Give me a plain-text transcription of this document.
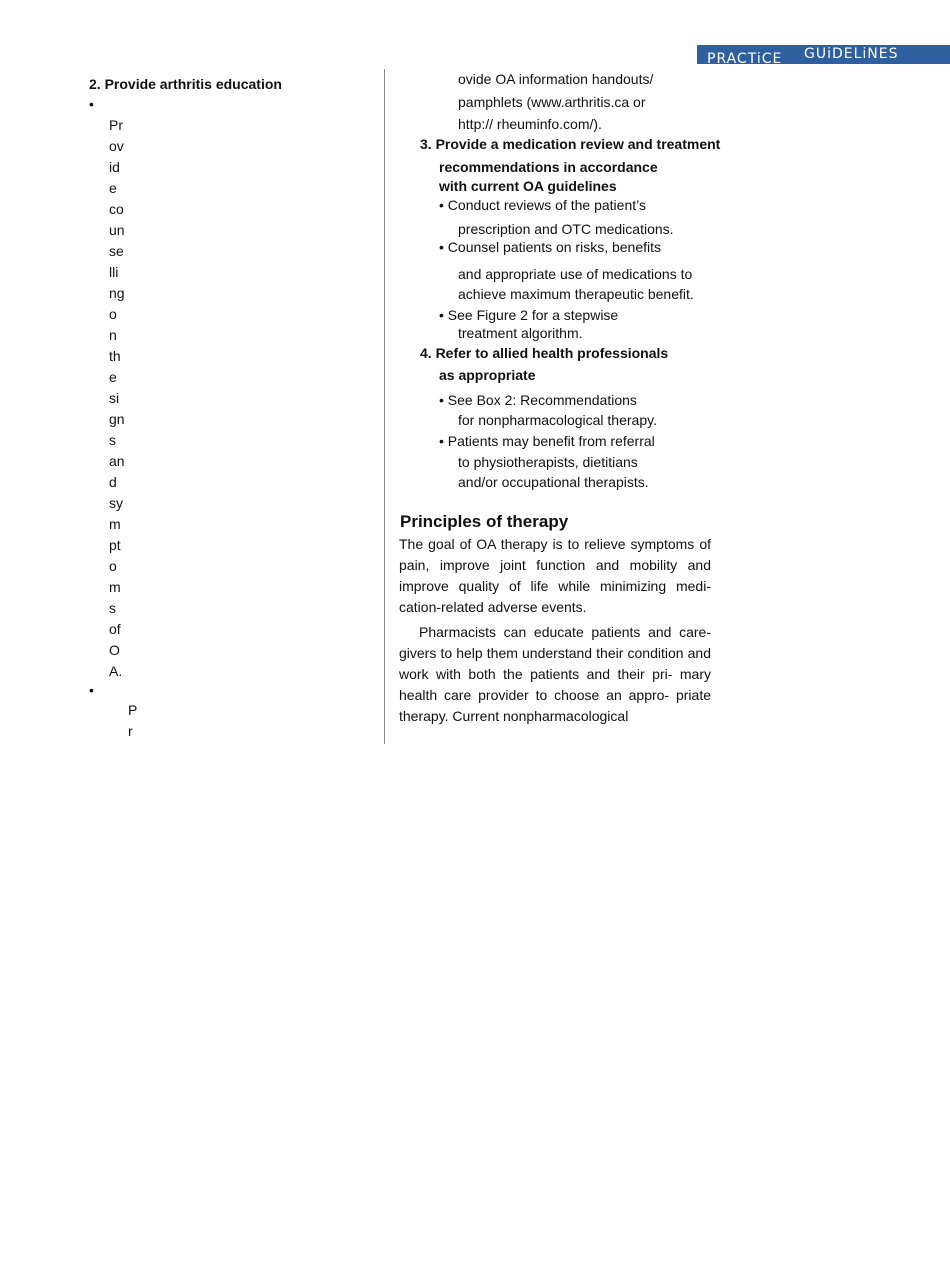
PRACTiCE GUiDELiNES
2. Provide arthritis education
•
Pr
ov
id
e
co
un
se
lli
ng
o
n
th
e
si
gn
s
an
d
sy
m
pt
o
m
s
of
O
A.
•
P
r
ovide OA information handouts/
pamphlets (www.arthritis.ca or
http:// rheuminfo.com/).
3. Provide a medication review and treatment
recommendations in accordance
with current OA guidelines
• Conduct reviews of the patient’s
prescription and OTC medications.
• Counsel patients on risks, benefits
and appropriate use of medications to
achieve maximum therapeutic benefit.
• See Figure 2 for a stepwise
treatment algorithm.
4. Refer to allied health professionals
as appropriate
• See Box 2: Recommendations
for nonpharmacological therapy.
• Patients may benefit from referral
to physiotherapists, dietitians
and/or occupational therapists.
Principles of therapy
The goal of OA therapy is to relieve symptoms of pain, improve joint function and mobility and improve quality of life while minimizing medi- cation-related adverse events.
Pharmacists can educate patients and care- givers to help them understand their condition and work with both the patients and their pri- mary health care provider to choose an appro- priate therapy. Current nonpharmacological
